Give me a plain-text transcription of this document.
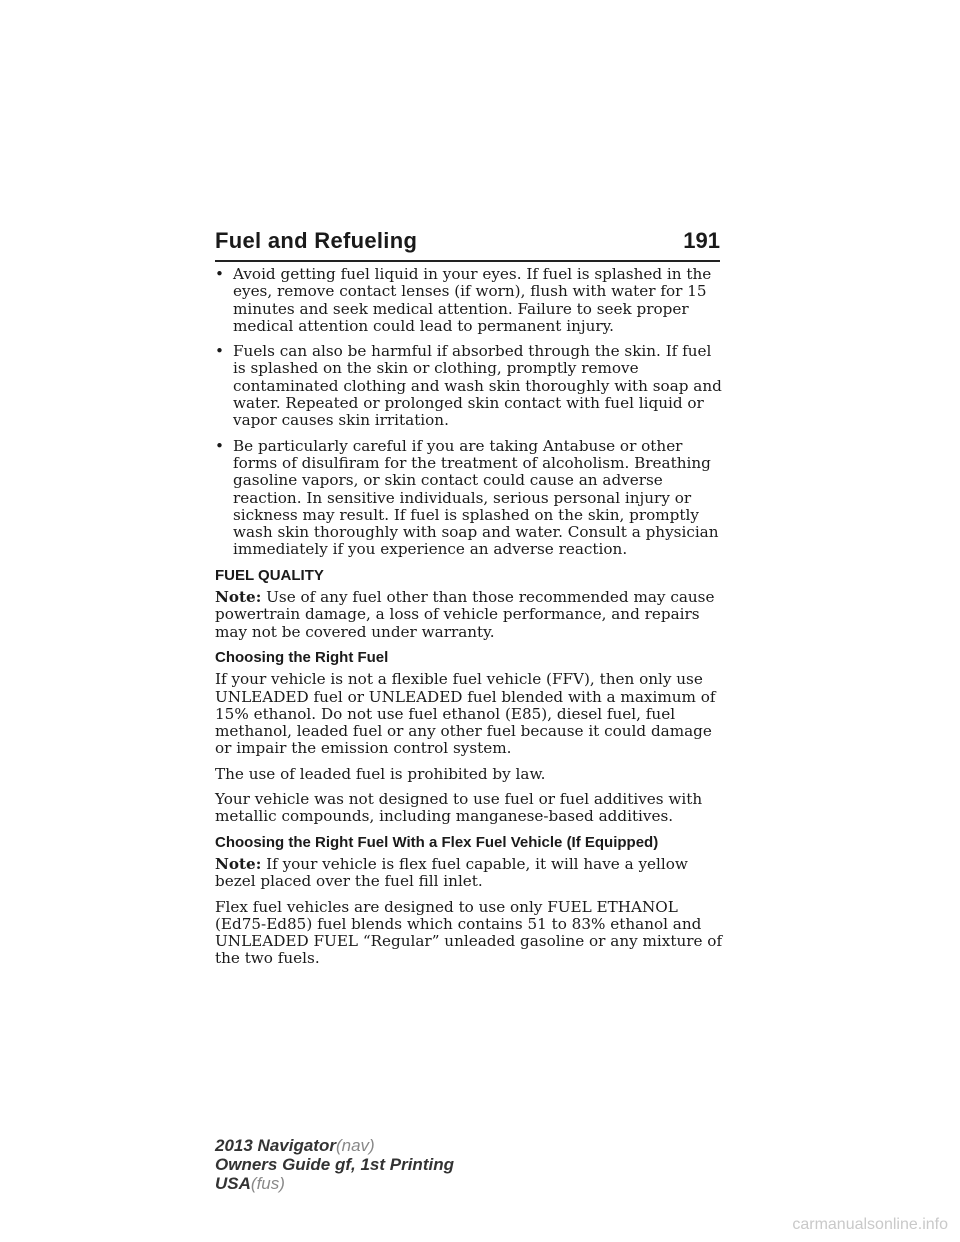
Fuel and Refueling	191
• Avoid getting fuel liquid in your eyes. If fuel is splashed in the eyes, remove contact lenses (if worn), flush with water for 15 minutes and seek medical attention. Failure to seek proper medical attention could lead to permanent injury.
• Fuels can also be harmful if absorbed through the skin. If fuel is splashed on the skin or clothing, promptly remove contaminated clothing and wash skin thoroughly with soap and water. Repeated or prolonged skin contact with fuel liquid or vapor causes skin irritation.
• Be particularly careful if you are taking Antabuse or other forms of disulfiram for the treatment of alcoholism. Breathing gasoline vapors, or skin contact could cause an adverse reaction. In sensitive individuals, serious personal injury or sickness may result. If fuel is splashed on the skin, promptly wash skin thoroughly with soap and water. Consult a physician immediately if you experience an adverse reaction.
FUEL QUALITY

Note: Use of any fuel other than those recommended may cause powertrain damage, a loss of vehicle performance, and repairs may not be covered under warranty.

Choosing the Right Fuel

If your vehicle is not a flexible fuel vehicle (FFV), then only use UNLEADED fuel or UNLEADED fuel blended with a maximum of 15% ethanol. Do not use fuel ethanol (E85), diesel fuel, fuel methanol, leaded fuel or any other fuel because it could damage or impair the emission control system.

The use of leaded fuel is prohibited by law.

Your vehicle was not designed to use fuel or fuel additives with metallic compounds, including manganese-based additives.

Choosing the Right Fuel With a Flex Fuel Vehicle (If Equipped)

Note: If your vehicle is flex fuel capable, it will have a yellow bezel placed over the fuel fill inlet.

Flex fuel vehicles are designed to use only FUEL ETHANOL (Ed75-Ed85) fuel blends which contains 51 to 83% ethanol and UNLEADED FUEL “Regular” unleaded gasoline or any mixture of the two fuels.

2013 Navigator(nav)
Owners Guide gf, 1st Printing
USA(fus)
carmanualsonline.info
